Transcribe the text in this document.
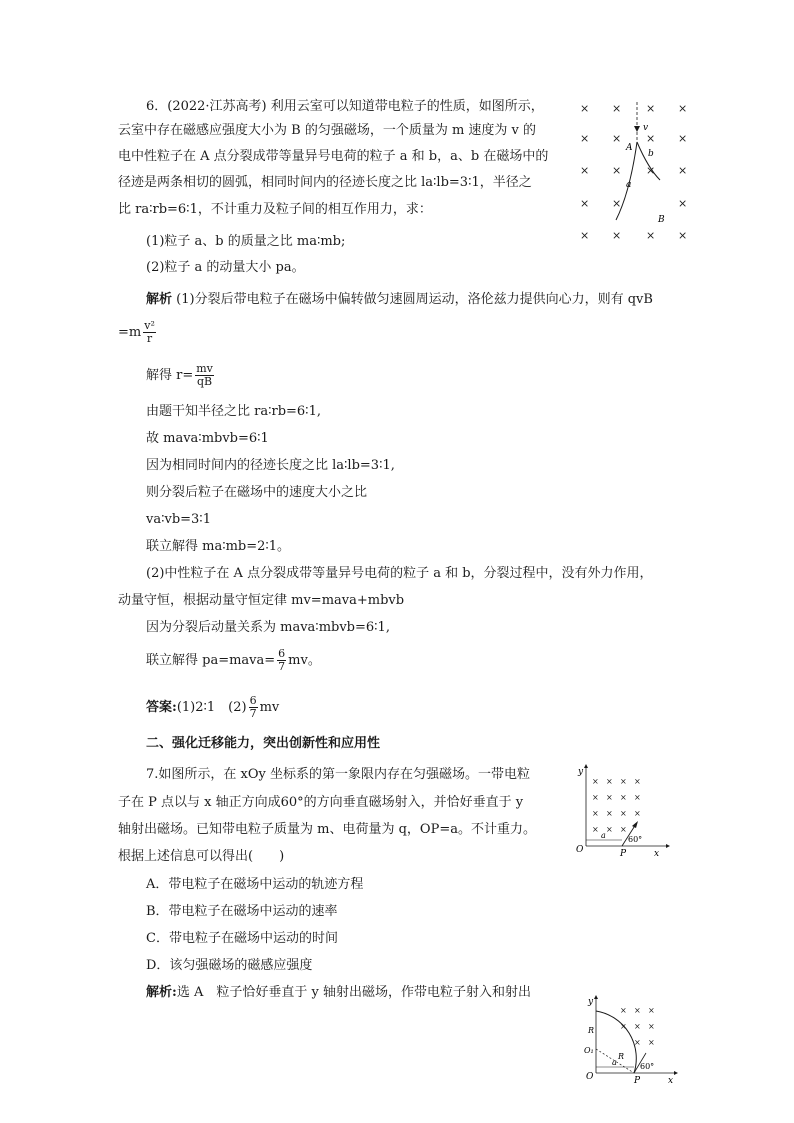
6．(2022·江苏高考) 利用云室可以知道带电粒子的性质，如图所示，
云室中存在磁感应强度大小为 B 的匀强磁场，一个质量为 m 速度为 v 的
电中性粒子在 A 点分裂成带等量异号电荷的粒子 a 和 b，a、b 在磁场中的
径迹是两条相切的圆弧，相同时间内的径迹长度之比 la∶lb=3∶1，半径之
比 ra∶rb=6∶1，不计重力及粒子间的相互作用力，求：
(1)粒子 a、b 的质量之比 ma∶mb;
(2)粒子 a 的动量大小 pa。
解析 (1)分裂后带电粒子在磁场中偏转做匀速圆周运动，洛伦兹力提供向心力，则有 qvB
$=m \frac{\text{v²}}{r}$
解得 $r= \frac{mv}{qB}$
由题干知半径之比 ra∶rb=6∶1,
故 mava∶mbvb=6∶1
因为相同时间内的径迹长度之比 la∶lb=3∶1,
则分裂后粒子在磁场中的速度大小之比
va∶vb=3∶1
联立解得 ma∶mb=2∶1。
(2)中性粒子在 A 点分裂成带等量异号电荷的粒子 a 和 b，分裂过程中，没有外力作用，
动量守恒，根据动量守恒定律 mv=mava+mbvb
因为分裂后动量关系为 mava∶mbvb=6∶1,
联立解得 pa=mava= $\frac{6}{7}$ mv。
答案:(1)2∶1　$(2) \frac{6}{7}$ mv
二、强化迁移能力，突出创新性和应用性
7.如图所示，在 xOy 坐标系的第一象限内存在匀强磁场。一带电粒
子在 P 点以与 x 轴正方向成60°的方向垂直磁场射入，并恰好垂直于 y
轴射出磁场。已知带电粒子质量为 m、电荷量为 q，OP=a。不计重力。
根据上述信息可以得出(　　)
A．带电粒子在磁场中运动的轨迹方程
B．带电粒子在磁场中运动的速率
C．带电粒子在磁场中运动的时间
D．该匀强磁场的磁感应强度
解析:选 A　粒子恰好垂直于 y 轴射出磁场，作带电粒子射入和射出
× × × ×
× × × ×
× × × ×
× ×	×
× × × ×
v
A
b
a
B
y
x
O
× × × ×
× × × ×
× × × ×
× × ×
60°
P
a
y
x
O
× × ×
× × ×
× ×
R
R
O₁
60°
P
a
